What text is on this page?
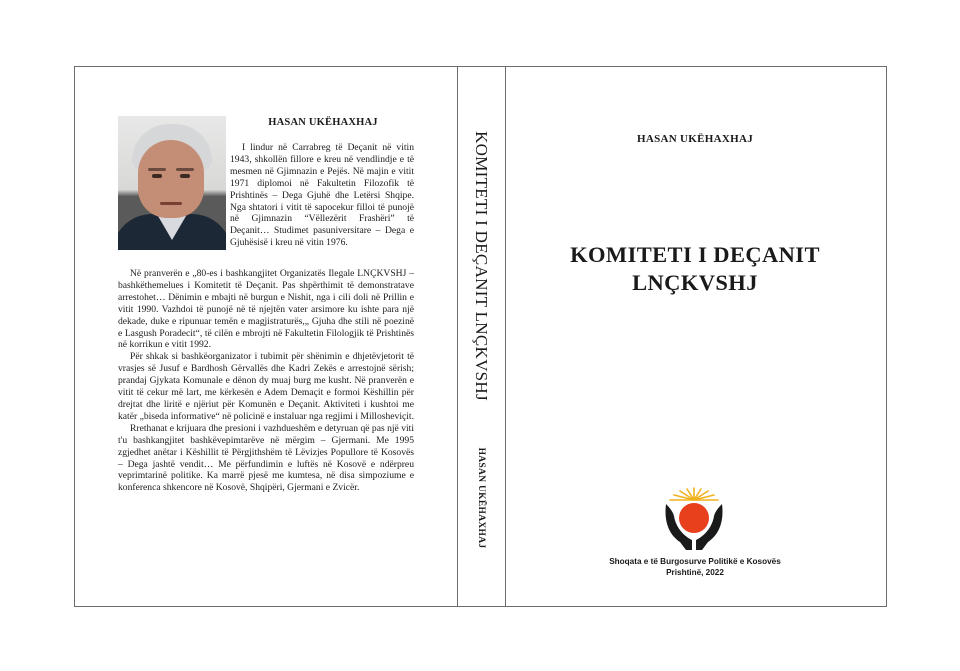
HASAN UKËHAXHAJ

I lindur në Carrabreg të Deçanit në vitin 1943, shkollën fillore e kreu në vendlindje e të mesmen në Gjimnazin e Pejës. Në majin e vitit 1971 diplomoi në Fakultetin Filozofik të Prishtinës – Dega Gjuhë dhe Letërsi Shqipe. Nga shtatori i vitit të sapocekur filloi të punojë në Gjimnazin “Vëllezërit Frashëri” të Deçanit… Studimet pasuniversitare – Dega e Gjuhësisë i kreu në vitin 1976.

Në pranverën e „80-es i bashkangjitet Organizatës Ilegale LNÇKVSHJ – bashkëthemelues i Komitetit të Deçanit. Pas shpërthimit të demonstratave arrestohet… Dënimin e mbajti në burgun e Nishit, nga i cili doli në Prillin e vitit 1990. Vazhdoi të punojë në të njejtën vater arsimore ku ishte para një dekade, duke e ripunuar temën e magjistraturës,„ Gjuha dhe stili në poezinë e Lasgush Poradecit“, të cilën e mbrojti në Fakultetin Filologjik të Prishtinës në korrikun e vitit 1992.

Për shkak si bashkëorganizator i tubimit për shënimin e dhjetëvjetorit të vrasjes së Jusuf e Bardhosh Gërvallës dhe Kadri Zekës e arrestojnë sërish; prandaj Gjykata Komunale e dënon dy muaj burg me kusht. Në pranverën e vitit të cekur më lart, me kërkesën e Adem Demaçit e formoi Këshillin për drejtat dhe liritë e njëriut për Komunën e Deçanit. Aktiviteti i kushtoi me katër „biseda informative“ në policinë e instaluar nga regjimi i Millosheviçit.

Rrethanat e krijuara dhe presioni i vazhdueshëm e detyruan që pas një viti t'u bashkangjitet bashkëvepimtarëve në mërgim – Gjermani. Me 1995 zgjedhet anëtar i Këshillit të Përgjithshëm të Lëvizjes Popullore të Kosovës – Dega jashtë vendit… Me përfundimin e luftës në Kosovë e ndërpreu veprimtarinë politike. Ka marrë pjesë me kumtesa, në disa simpoziume e konferenca shkencore në Kosovë, Shqipëri, Gjermani e Zvicër.

KOMITETI I DEÇANIT LNÇKVSHJ
HASAN UKËHAXHAJ
HASAN UKËHAXHAJ
KOMITETI I DEÇANIT
LNÇKVSHJ
Shoqata e të Burgosurve Politikë e Kosovës
Prishtinë, 2022
